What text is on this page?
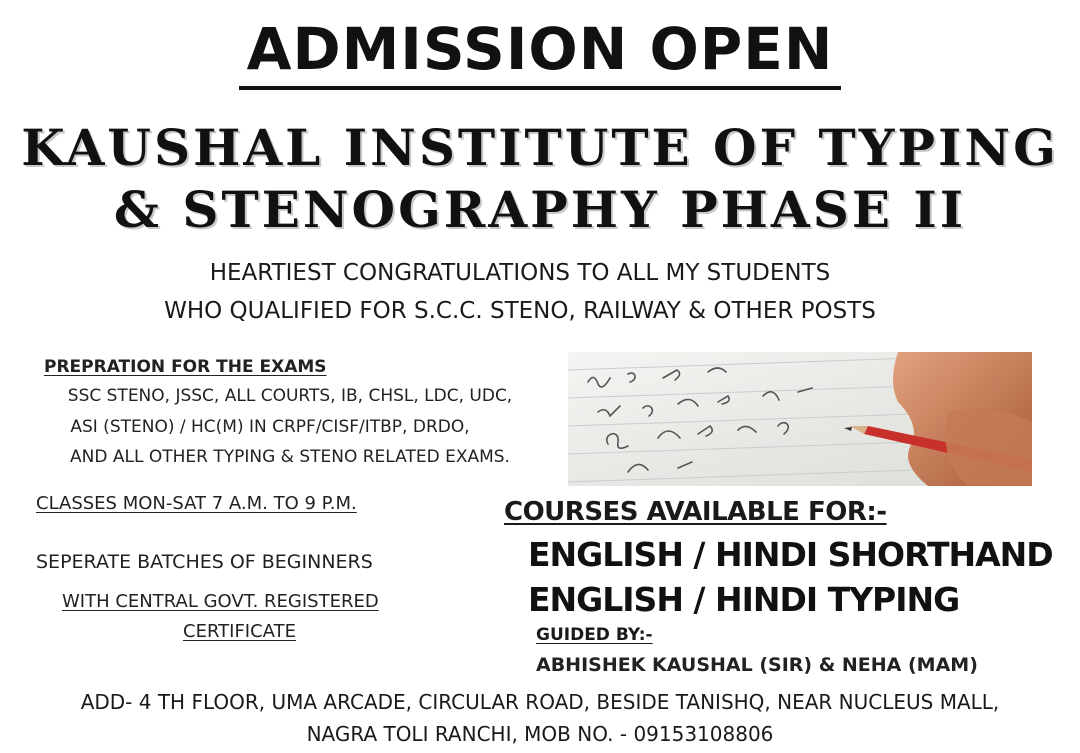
ADMISSION OPEN
KAUSHAL INSTITUTE OF TYPING
& STENOGRAPHY PHASE II
HEARTIEST CONGRATULATIONS TO ALL MY STUDENTS
WHO QUALIFIED FOR S.C.C. STENO, RAILWAY & OTHER POSTS
PREPRATION FOR THE EXAMS
SSC STENO, JSSC, ALL COURTS, IB, CHSL, LDC, UDC,
ASI (STENO) / HC(M) IN CRPF/CISF/ITBP, DRDO,
AND ALL OTHER TYPING & STENO RELATED EXAMS.
CLASSES MON-SAT 7 A.M. TO 9 P.M.
SEPERATE BATCHES OF BEGINNERS
WITH CENTRAL GOVT. REGISTERED
CERTIFICATE
COURSES AVAILABLE FOR:-
ENGLISH / HINDI SHORTHAND
ENGLISH / HINDI TYPING
GUIDED BY:-
ABHISHEK KAUSHAL (SIR) & NEHA (MAM)
ADD- 4 TH FLOOR, UMA ARCADE, CIRCULAR ROAD, BESIDE TANISHQ, NEAR NUCLEUS MALL,
NAGRA TOLI RANCHI, MOB NO. - 09153108806
